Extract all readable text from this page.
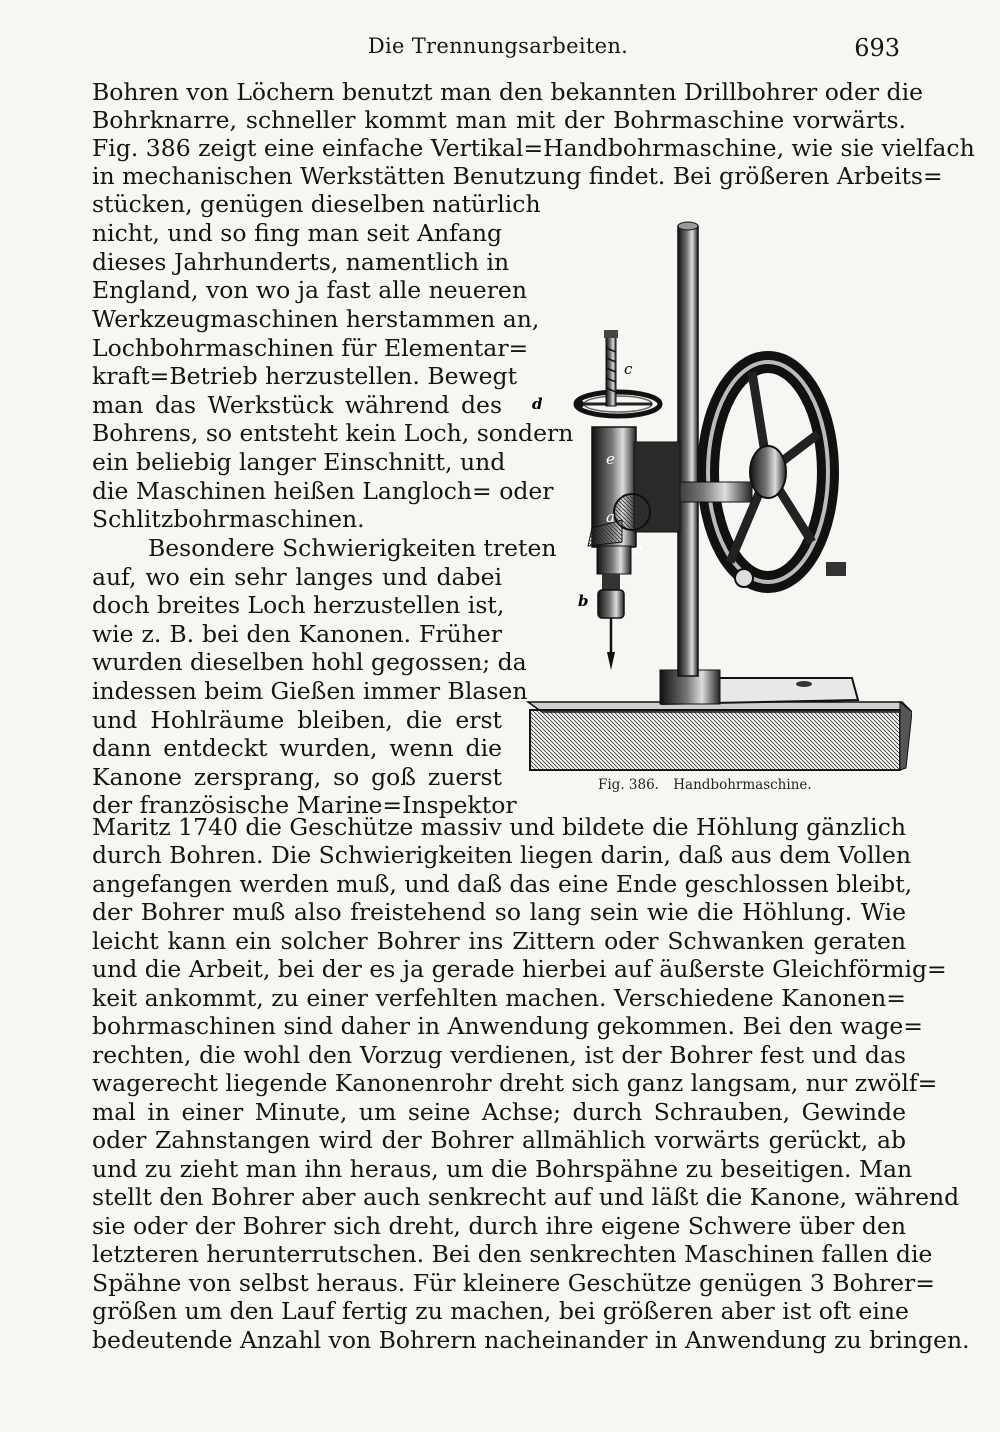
Die Trennungsarbeiten.	693
Bohren von Löchern benutzt man den bekannten Drillbohrer oder die
Bohrknarre, schneller kommt man mit der Bohrmaschine vorwärts.
Fig. 386 zeigt eine einfache Vertikal=Handbohrmaschine, wie sie vielfach
in mechanischen Werkstätten Benutzung findet. Bei größeren Arbeits=
stücken, genügen dieselben natürlich
nicht, und so fing man seit Anfang
dieses Jahrhunderts, namentlich in
England, von wo ja fast alle neueren
Werkzeugmaschinen herstammen an,
Lochbohrmaschinen für Elementar=
kraft=Betrieb herzustellen. Bewegt
man das Werkstück während des
Bohrens, so entsteht kein Loch, sondern
ein beliebig langer Einschnitt, und
die Maschinen heißen Langloch= oder
Schlitzbohrmaschinen.
Besondere Schwierigkeiten treten
auf, wo ein sehr langes und dabei
doch breites Loch herzustellen ist,
wie z. B. bei den Kanonen. Früher
wurden dieselben hohl gegossen; da
indessen beim Gießen immer Blasen
und Hohlräume bleiben, die erst
dann entdeckt wurden, wenn die
Kanone zersprang, so goß zuerst
der französische Marine=Inspektor
Maritz 1740 die Geschütze massiv und bildete die Höhlung gänzlich
durch Bohren. Die Schwierigkeiten liegen darin, daß aus dem Vollen
angefangen werden muß, und daß das eine Ende geschlossen bleibt,
der Bohrer muß also freistehend so lang sein wie die Höhlung. Wie
leicht kann ein solcher Bohrer ins Zittern oder Schwanken geraten
und die Arbeit, bei der es ja gerade hierbei auf äußerste Gleichförmig=
keit ankommt, zu einer verfehlten machen. Verschiedene Kanonen=
bohrmaschinen sind daher in Anwendung gekommen. Bei den wage=
rechten, die wohl den Vorzug verdienen, ist der Bohrer fest und das
wagerecht liegende Kanonenrohr dreht sich ganz langsam, nur zwölf=
mal in einer Minute, um seine Achse; durch Schrauben, Gewinde
oder Zahnstangen wird der Bohrer allmählich vorwärts gerückt, ab
und zu zieht man ihn heraus, um die Bohrspähne zu beseitigen. Man
stellt den Bohrer aber auch senkrecht auf und läßt die Kanone, während
sie oder der Bohrer sich dreht, durch ihre eigene Schwere über den
letzteren herunterrutschen. Bei den senkrechten Maschinen fallen die
Spähne von selbst heraus. Für kleinere Geschütze genügen 3 Bohrer=
größen um den Lauf fertig zu machen, bei größeren aber ist oft eine
bedeutende Anzahl von Bohrern nacheinander in Anwendung zu bringen.
c
d
e
a
e
b
Fig. 386. Handbohrmaschine.
